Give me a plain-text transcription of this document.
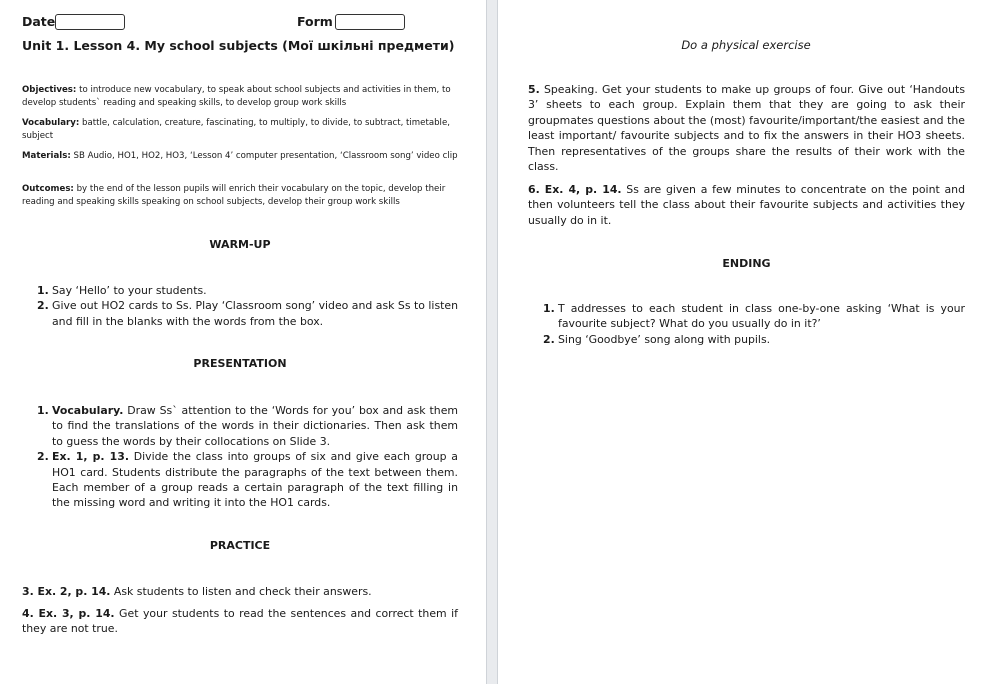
Date	Form
Unit 1. Lesson 4. My school subjects (Мої шкільні предмети)
Objectives: to introduce new vocabulary, to speak about school subjects and activities in them, to develop students` reading and speaking skills, to develop group work skills
Vocabulary: battle, calculation, creature, fascinating, to multiply, to divide, to subtract, timetable, subject
Materials: SB Audio, HO1, HO2, HO3, ‘Lesson 4’ computer presentation, ‘Classroom song’ video clip
Outcomes: by the end of the lesson pupils will enrich their vocabulary on the topic, develop their reading and speaking skills speaking on school subjects, develop their group work skills
WARM-UP
1. Say ‘Hello’ to your students.
2. Give out HO2 cards to Ss. Play ‘Classroom song’ video and ask Ss to listen and fill in the blanks with the words from the box.
PRESENTATION
1. Vocabulary. Draw Ss` attention to the ‘Words for you’ box and ask them to find the translations of the words in their dictionaries. Then ask them to guess the words by their collocations on Slide 3.
2. Ex. 1, p. 13. Divide the class into groups of six and give each group a HO1 card. Students distribute the paragraphs of the text between them. Each member of a group reads a certain paragraph of the text filling in the missing word and writing it into the HO1 cards.
PRACTICE
3. Ex. 2, p. 14. Ask students to listen and check their answers.
4. Ex. 3, p. 14. Get your students to read the sentences and correct them if they are not true.
Do a physical exercise
5. Speaking. Get your students to make up groups of four. Give out ‘Handouts 3’ sheets to each group. Explain them that they are going to ask their groupmates questions about the (most) favourite/important/the easiest and the least important/ favourite subjects and to fix the answers in their HO3 sheets. Then representatives of the groups share the results of their work with the class.
6. Ex. 4, p. 14. Ss are given a few minutes to concentrate on the point and then volunteers tell the class about their favourite subjects and activities they usually do in it.
ENDING
1. T addresses to each student in class one-by-one asking ‘What is your favourite subject? What do you usually do in it?’
2. Sing ‘Goodbye’ song along with pupils.
